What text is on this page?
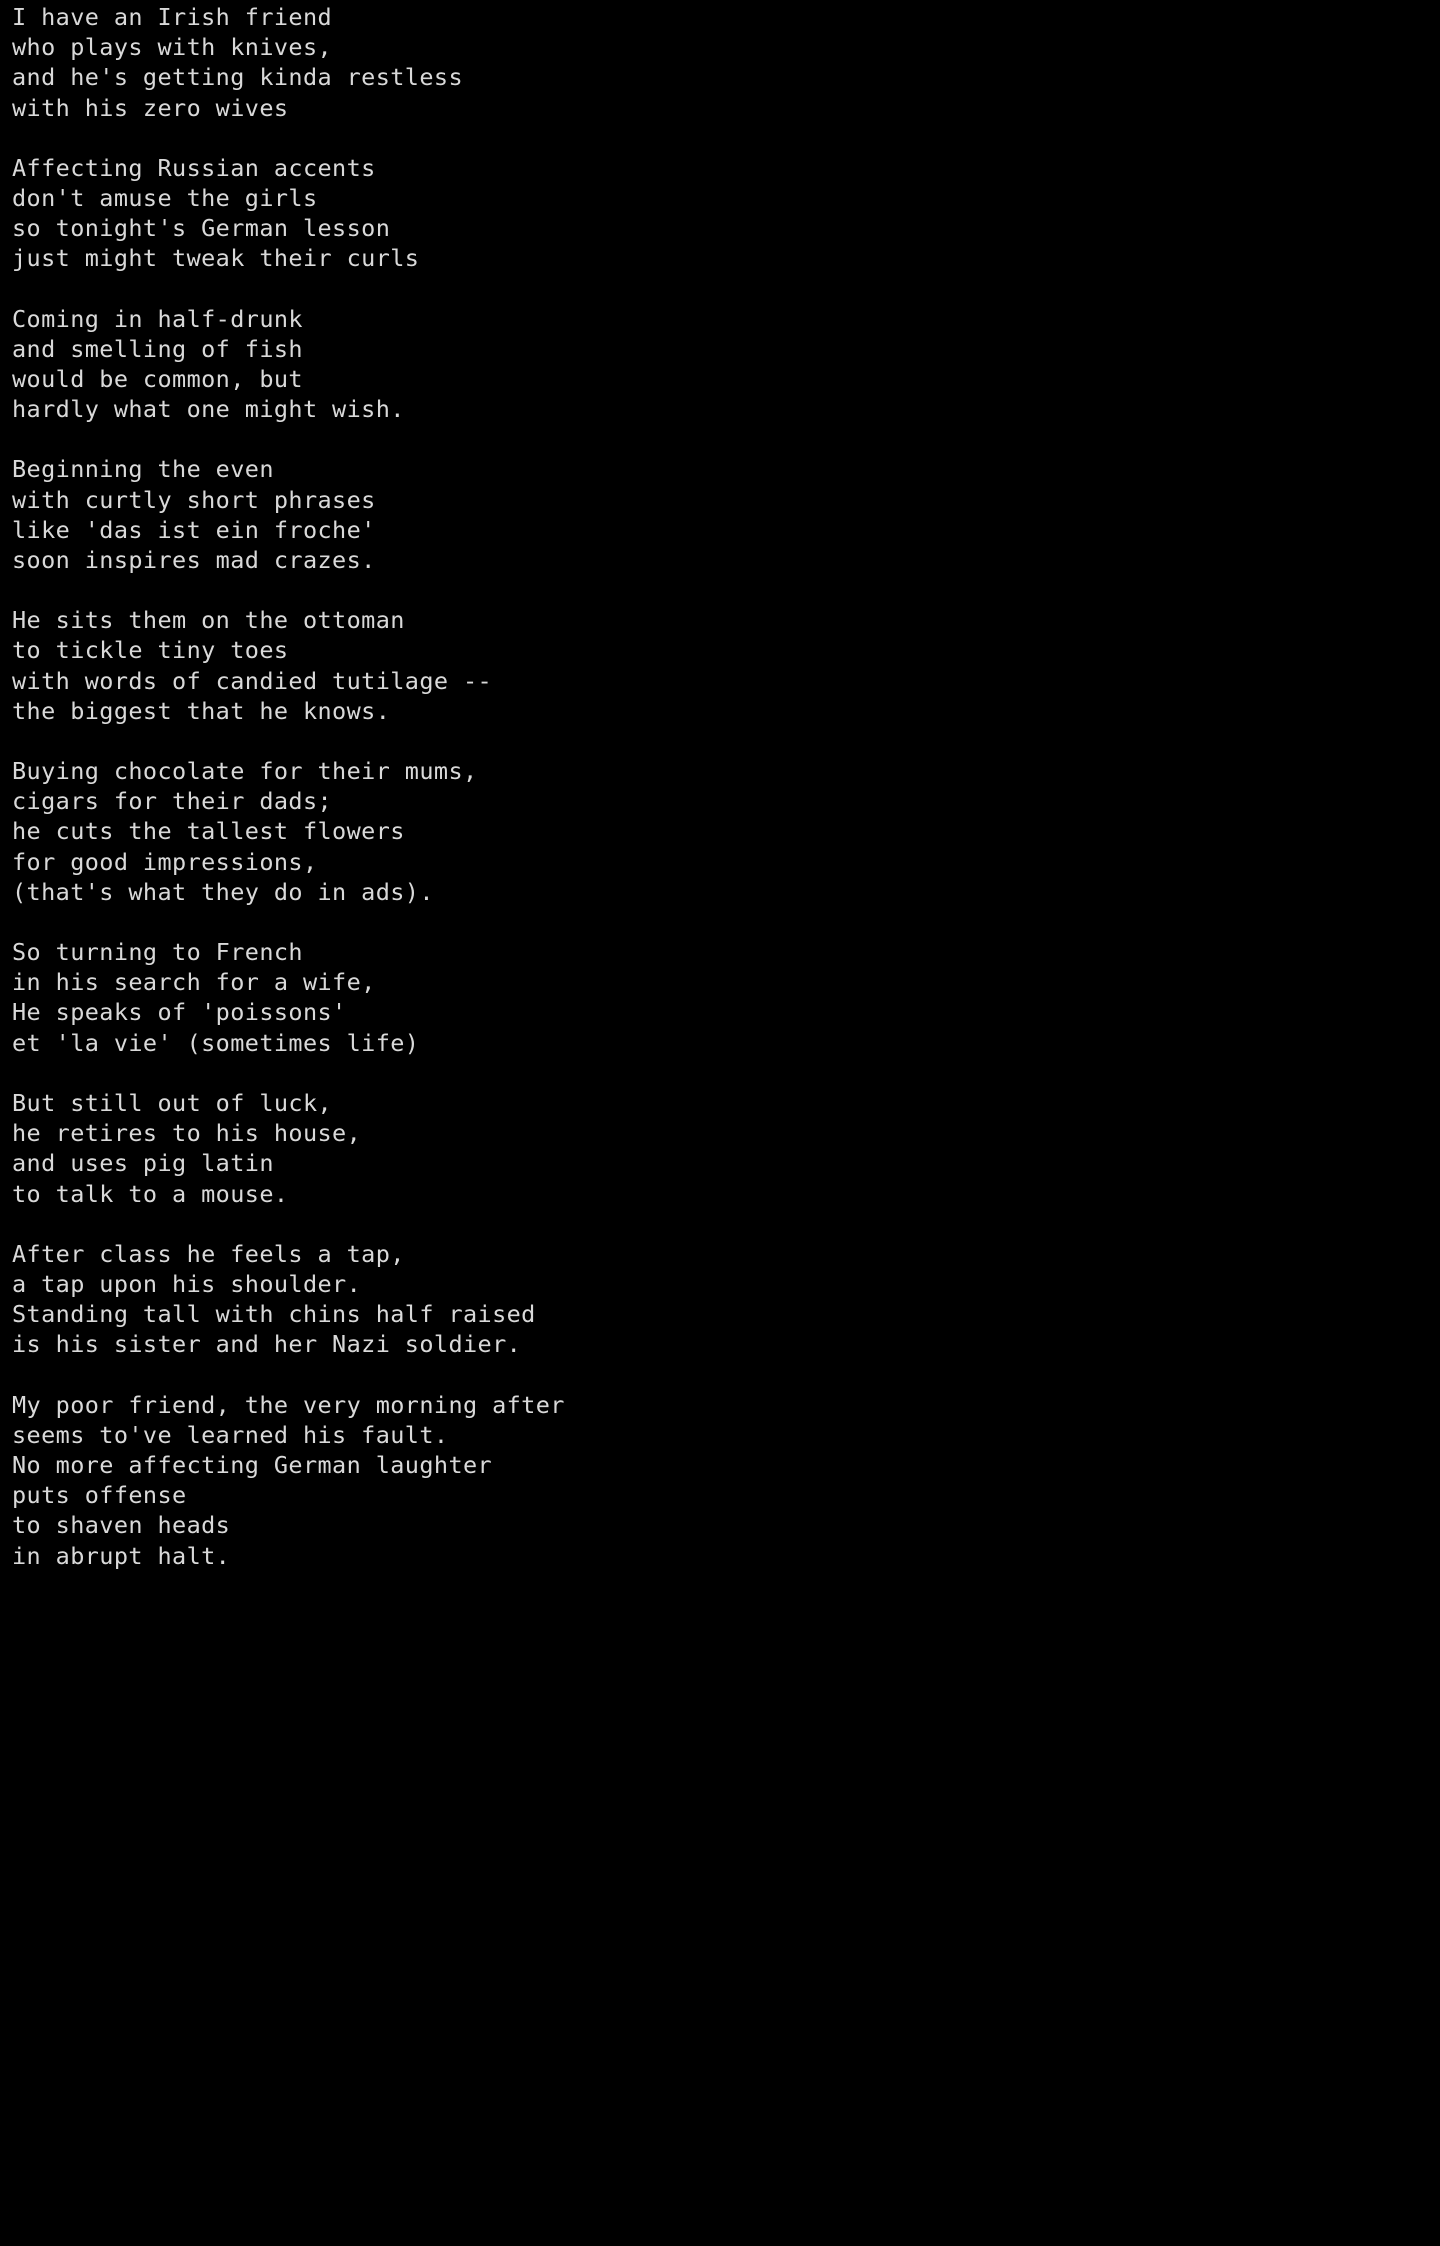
I have an Irish friend
who plays with knives,
and he's getting kinda restless
with his zero wives
Affecting Russian accents
don't amuse the girls
so tonight's German lesson
just might tweak their curls
Coming in half-drunk
and smelling of fish
would be common, but
hardly what one might wish.
Beginning the even
with curtly short phrases
like 'das ist ein froche'
soon inspires mad crazes.
He sits them on the ottoman
to tickle tiny toes
with words of candied tutilage --
the biggest that he knows.
Buying chocolate for their mums,
cigars for their dads;
he cuts the tallest flowers
for good impressions,
(that's what they do in ads).
So turning to French
in his search for a wife,
He speaks of 'poissons'
et 'la vie' (sometimes life)
But still out of luck,
he retires to his house,
and uses pig latin
to talk to a mouse.
After class he feels a tap,
a tap upon his shoulder.
Standing tall with chins half raised
is his sister and her Nazi soldier.
My poor friend, the very morning after
seems to've learned his fault.
No more affecting German laughter
puts offense
to shaven heads
in abrupt halt.
